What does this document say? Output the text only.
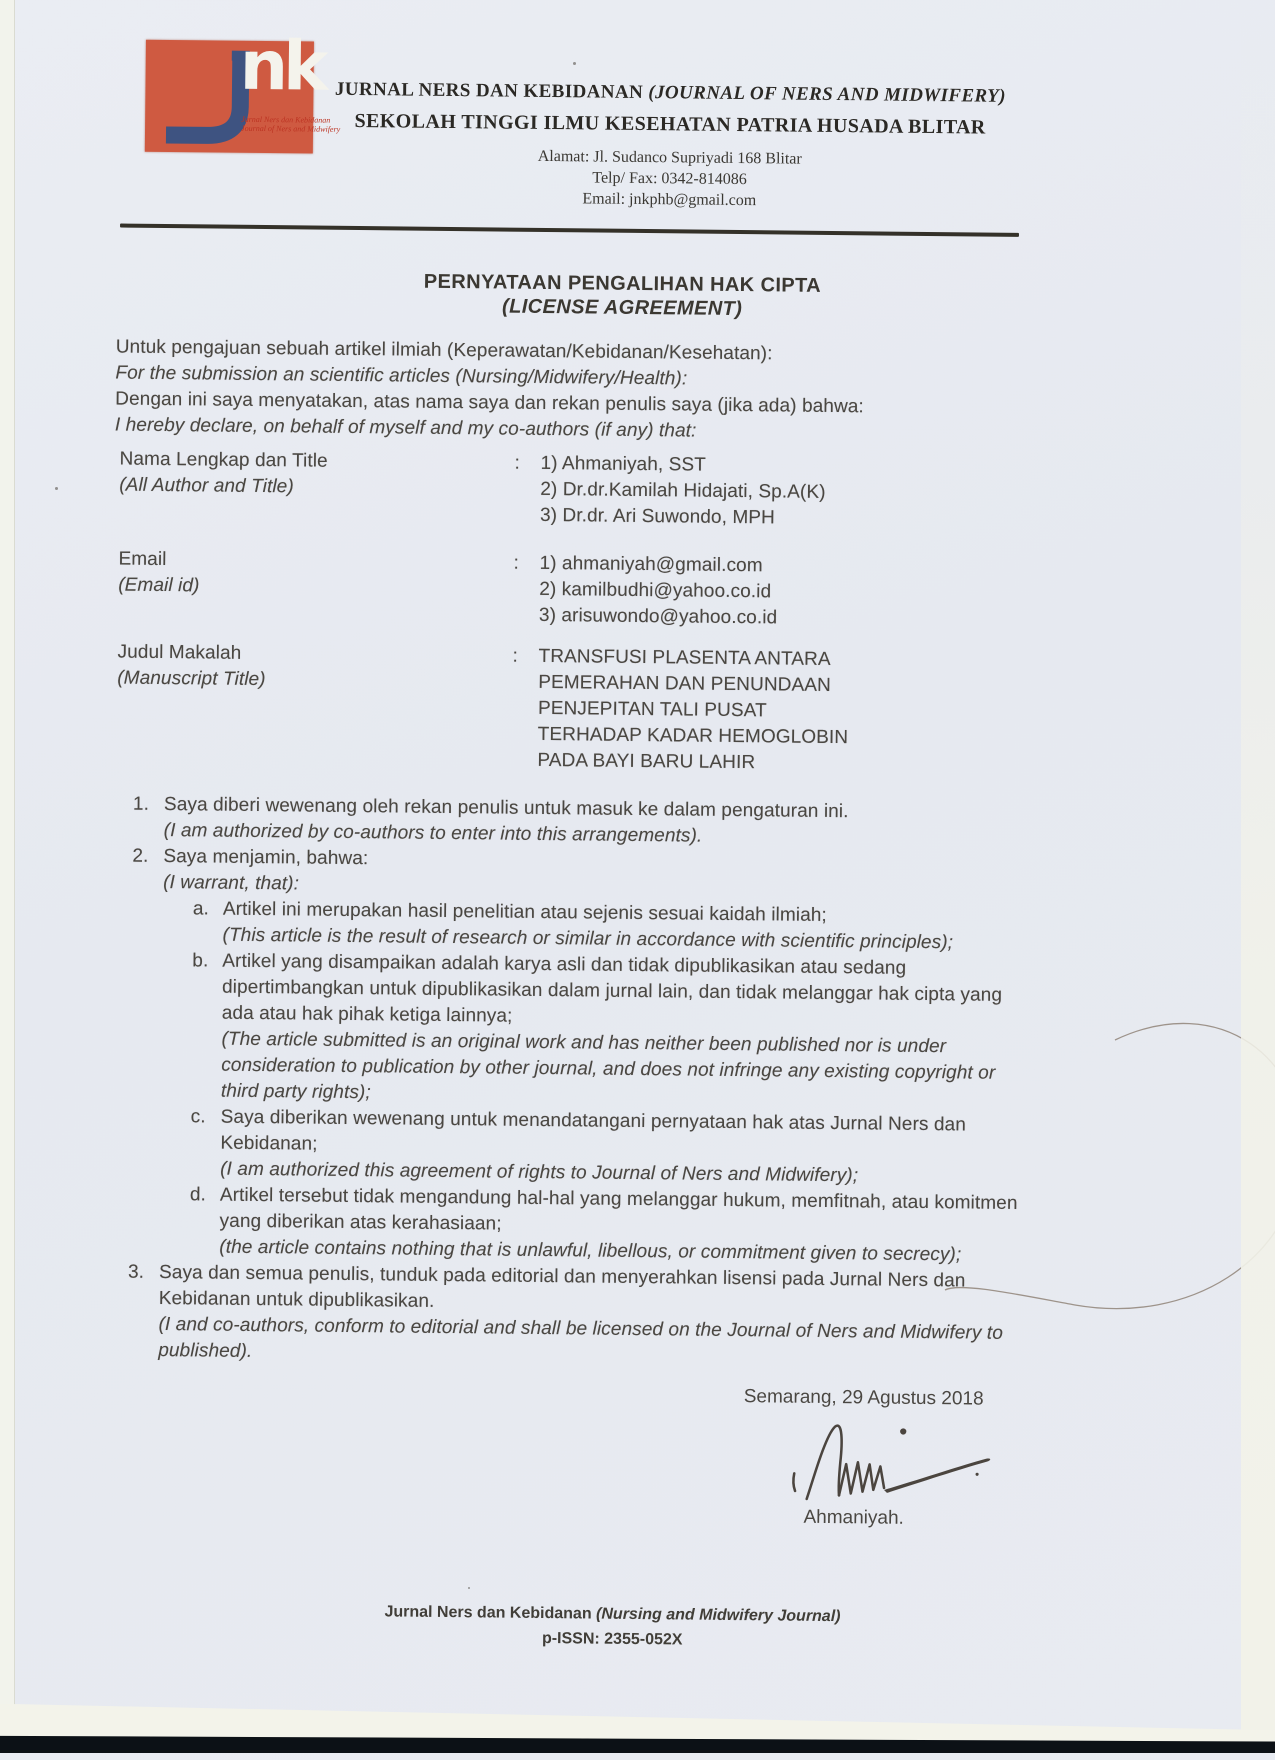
nk
Jurnal Ners dan Kebidanan
Journal of Ners and Midwifery
JURNAL NERS DAN KEBIDANAN (JOURNAL OF NERS AND MIDWIFERY)
SEKOLAH TINGGI ILMU KESEHATAN PATRIA HUSADA BLITAR
Alamat: Jl. Sudanco Supriyadi 168 Blitar
Telp/ Fax: 0342-814086
Email: jnkphb@gmail.com
PERNYATAAN PENGALIHAN HAK CIPTA
(LICENSE AGREEMENT)
Untuk pengajuan sebuah artikel ilmiah (Keperawatan/Kebidanan/Kesehatan):
For the submission an scientific articles (Nursing/Midwifery/Health):
Dengan ini saya menyatakan, atas nama saya dan rekan penulis saya (jika ada) bahwa:
I hereby declare, on behalf of myself and my co-authors (if any) that:
Nama Lengkap dan Title
(All Author and Title)
:	1) Ahmaniyah, SST
2) Dr.dr.Kamilah Hidajati, Sp.A(K)
3) Dr.dr. Ari Suwondo, MPH
Email
(Email id)
:	1) ahmaniyah@gmail.com
2) kamilbudhi@yahoo.co.id
3) arisuwondo@yahoo.co.id
Judul Makalah
(Manuscript Title)
:	TRANSFUSI PLASENTA ANTARA
PEMERAHAN DAN PENUNDAAN
PENJEPITAN TALI PUSAT
TERHADAP KADAR HEMOGLOBIN
PADA BAYI BARU LAHIR
1. Saya diberi wewenang oleh rekan penulis untuk masuk ke dalam pengaturan ini.
(I am authorized by co-authors to enter into this arrangements).
2. Saya menjamin, bahwa:
(I warrant, that):
a. Artikel ini merupakan hasil penelitian atau sejenis sesuai kaidah ilmiah;
(This article is the result of research or similar in accordance with scientific principles);
b. Artikel yang disampaikan adalah karya asli dan tidak dipublikasikan atau sedang dipertimbangkan untuk dipublikasikan dalam jurnal lain, dan tidak melanggar hak cipta yang ada atau hak pihak ketiga lainnya;
(The article submitted is an original work and has neither been published nor is under consideration to publication by other journal, and does not infringe any existing copyright or third party rights);
c. Saya diberikan wewenang untuk menandatangani pernyataan hak atas Jurnal Ners dan Kebidanan;
(I am authorized this agreement of rights to Journal of Ners and Midwifery);
d. Artikel tersebut tidak mengandung hal-hal yang melanggar hukum, memfitnah, atau komitmen yang diberikan atas kerahasiaan;
(the article contains nothing that is unlawful, libellous, or commitment given to secrecy);
3. Saya dan semua penulis, tunduk pada editorial dan menyerahkan lisensi pada Jurnal Ners dan Kebidanan untuk dipublikasikan.
(I and co-authors, conform to editorial and shall be licensed on the Journal of Ners and Midwifery to published).
Semarang, 29 Agustus 2018
Ahmaniyah.
Jurnal Ners dan Kebidanan (Nursing and Midwifery Journal)
p-ISSN: 2355-052X
